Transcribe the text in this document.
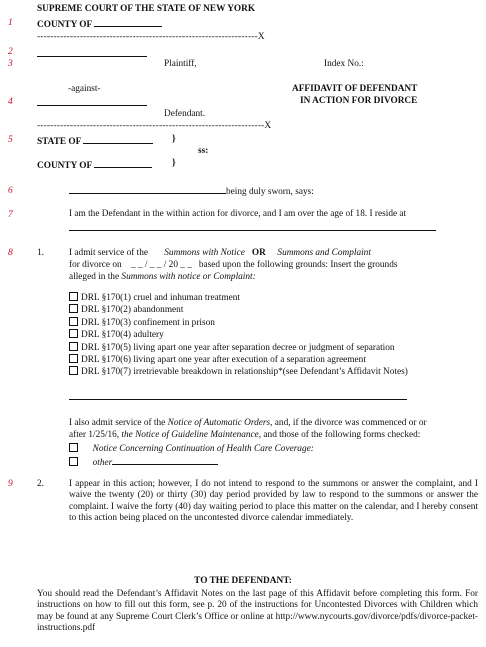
SUPREME COURT OF THE STATE OF NEW YORK
COUNTY OF
-------------------------------------------------------------------X
1
2
3	Plaintiff,	Index No.:
-against-	AFFIDAVIT OF DEFENDANT
IN ACTION FOR DIVORCE
4
Defendant.
---------------------------------------------------------------------X
5	STATE OF	}
ss:
COUNTY OF	}
6	being duly sworn, says:
7	I am the Defendant in the within action for divorce, and I am over the age of 18. I reside at
8	1.	I admit service of the Summons with Notice OR Summons and Complaint
for divorce on _ _ / _ _ / 20 _ _ based upon the following grounds: Insert the grounds
alleged in the Summons with notice or Complaint:
DRL §170(1) cruel and inhuman treatment
DRL §170(2) abandonment
DRL §170(3) confinement in prison
DRL §170(4) adultery
DRL §170(5) living apart one year after separation decree or judgment of separation
DRL §170(6) living apart one year after execution of a separation agreement
DRL §170(7) irretrievable breakdown in relationship*(see Defendant’s Affidavit Notes)
I also admit service of the Notice of Automatic Orders, and, if the divorce was commenced or or
after 1/25/16, the Notice of Guideline Maintenance, and those of the following forms checked:
Notice Concerning Continuation of Health Care Coverage:
other
9	2.	I appear in this action; however, I do not intend to respond to the summons or answer the complaint, and I waive the twenty (20) or thirty (30) day period provided by law to respond to the summons or answer the complaint. I waive the forty (40) day waiting period to place this matter on the calendar, and I hereby consent to this action being placed on the uncontested divorce calendar immediately.
TO THE DEFENDANT:
You should read the Defendant’s Affidavit Notes on the last page of this Affidavit before completing this form. For instructions on how to fill out this form, see p. 20 of the instructions for Uncontested Divorces with Children which may be found at any Supreme Court Clerk’s Office or online at http://www.nycourts.gov/divorce/pdfs/divorce-packet-instructions.pdf
